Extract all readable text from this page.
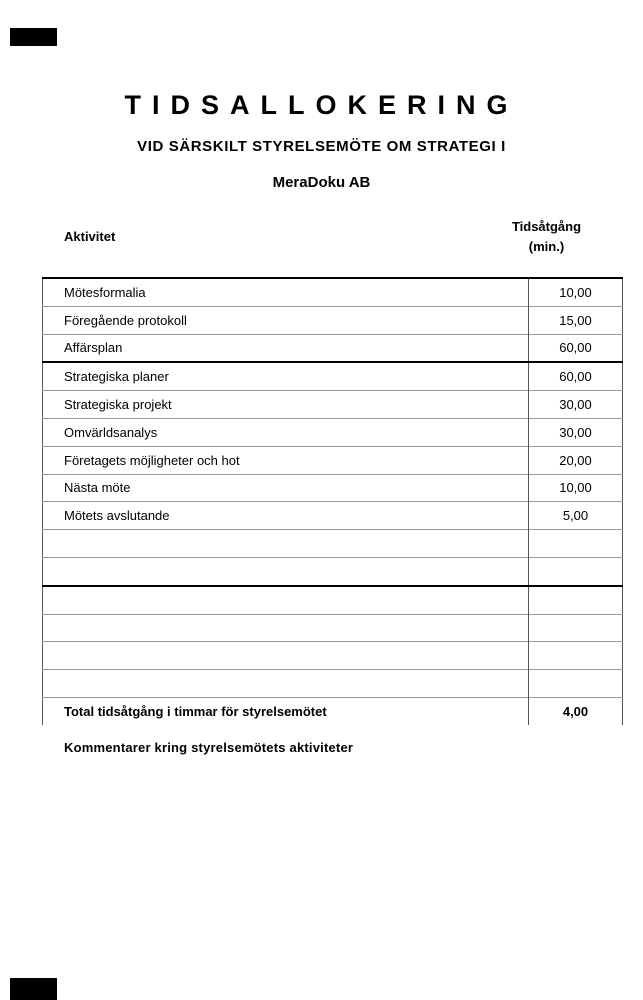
TIDSALLOKERING
VID SÄRSKILT STYRELSEMÖTE OM STRATEGI I
MeraDoku AB
Aktivitet
Tidsåtgång
(min.)
Mötesformalia	10,00
Föregående protokoll	15,00
Affärsplan	60,00
Strategiska planer	60,00
Strategiska projekt	30,00
Omvärldsanalys	30,00
Företagets möjligheter och hot	20,00
Nästa möte	10,00
Mötets avslutande	5,00

Total tidsåtgång i timmar för styrelsemötet	4,00
Kommentarer kring styrelsemötets aktiviteter
